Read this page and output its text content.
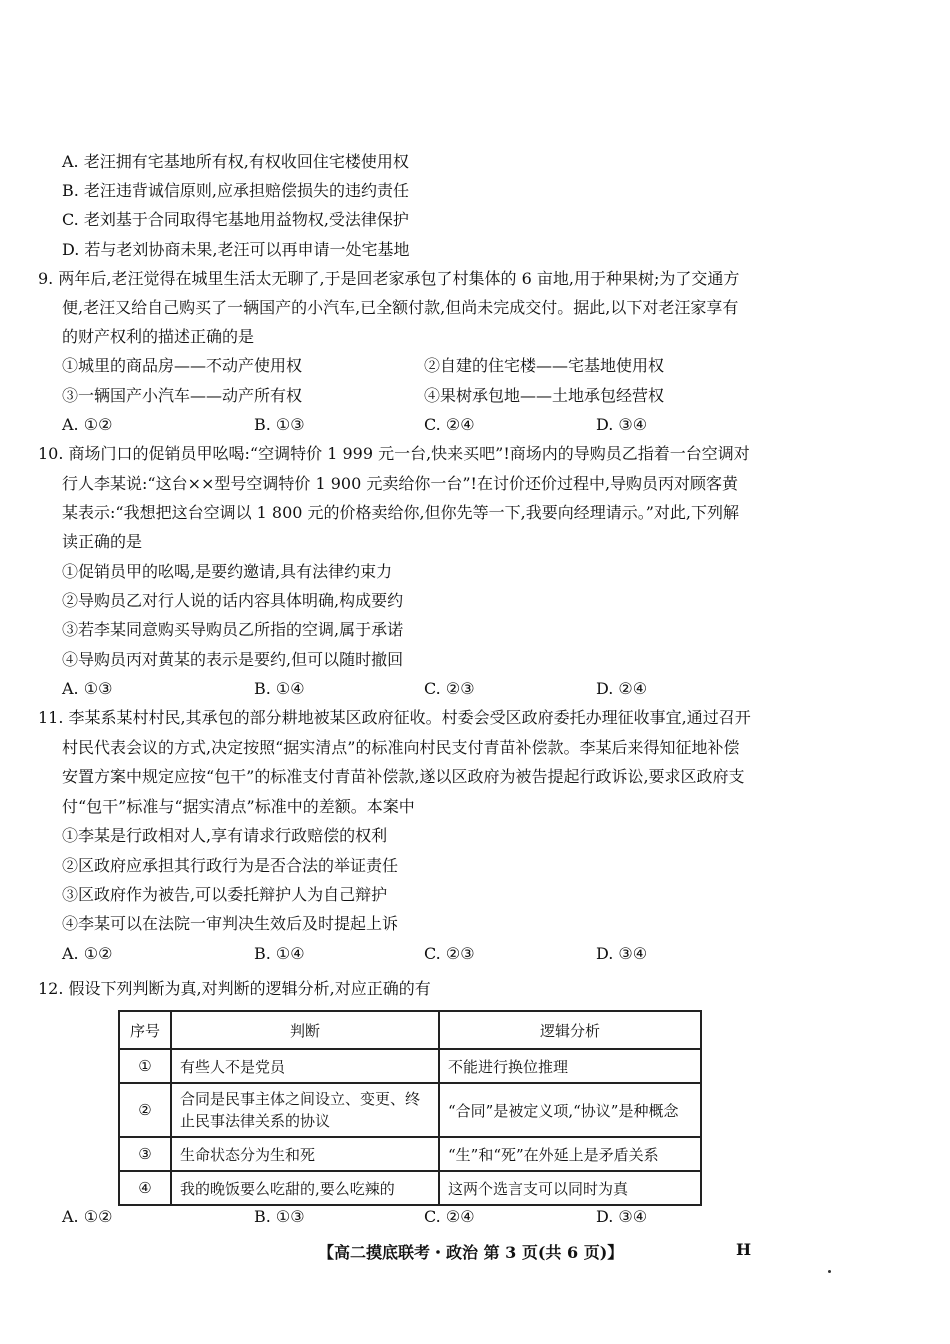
A. 老汪拥有宅基地所有权,有权收回住宅楼使用权
B. 老汪违背诚信原则,应承担赔偿损失的违约责任
C. 老刘基于合同取得宅基地用益物权,受法律保护
D. 若与老刘协商未果,老汪可以再申请一处宅基地
9. 两年后,老汪觉得在城里生活太无聊了,于是回老家承包了村集体的 6 亩地,用于种果树;为了交通方
便,老汪又给自己购买了一辆国产的小汽车,已全额付款,但尚未完成交付。据此,以下对老汪家享有
的财产权利的描述正确的是
①城里的商品房——不动产使用权	②自建的住宅楼——宅基地使用权
③一辆国产小汽车——动产所有权	④果树承包地——土地承包经营权
A. ①②	B. ①③	C. ②④	D. ③④
10. 商场门口的促销员甲吆喝:“空调特价 1 999 元一台,快来买吧”!商场内的导购员乙指着一台空调对
行人李某说:“这台××型号空调特价 1 900 元卖给你一台”!在讨价还价过程中,导购员丙对顾客黄
某表示:“我想把这台空调以 1 800 元的价格卖给你,但你先等一下,我要向经理请示。”对此,下列解
读正确的是
①促销员甲的吆喝,是要约邀请,具有法律约束力
②导购员乙对行人说的话内容具体明确,构成要约
③若李某同意购买导购员乙所指的空调,属于承诺
④导购员丙对黄某的表示是要约,但可以随时撤回
A. ①③	B. ①④	C. ②③	D. ②④
11. 李某系某村村民,其承包的部分耕地被某区政府征收。村委会受区政府委托办理征收事宜,通过召开
村民代表会议的方式,决定按照“据实清点”的标准向村民支付青苗补偿款。李某后来得知征地补偿
安置方案中规定应按“包干”的标准支付青苗补偿款,遂以区政府为被告提起行政诉讼,要求区政府支
付“包干”标准与“据实清点”标准中的差额。本案中
①李某是行政相对人,享有请求行政赔偿的权利
②区政府应承担其行政行为是否合法的举证责任
③区政府作为被告,可以委托辩护人为自己辩护
④李某可以在法院一审判决生效后及时提起上诉
A. ①②	B. ①④	C. ②③	D. ③④
12. 假设下列判断为真,对判断的逻辑分析,对应正确的有
序号	判断	逻辑分析
①	有些人不是党员	不能进行换位推理
②	合同是民事主体之间设立、变更、终止民事法律关系的协议	“合同”是被定义项,“协议”是种概念
③	生命状态分为生和死	“生”和“死”在外延上是矛盾关系
④	我的晚饭要么吃甜的,要么吃辣的	这两个选言支可以同时为真
A. ①②	B. ①③	C. ②④	D. ③④
【高二摸底联考・政治 第 3 页(共 6 页)】	H
